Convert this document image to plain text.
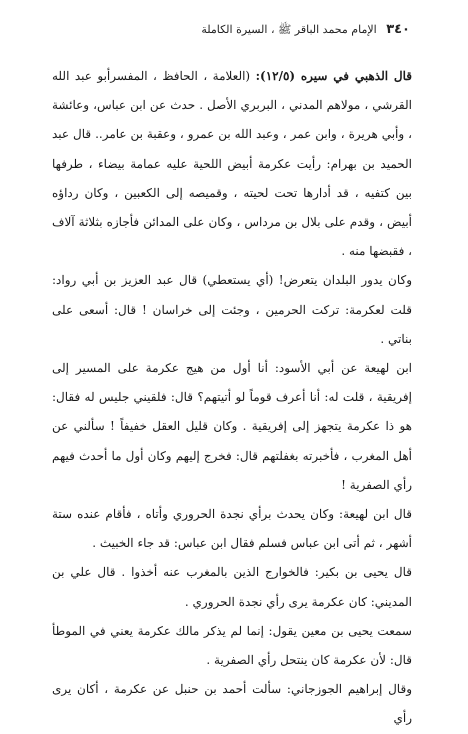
٣٤٠ الإمام محمد الباقر ﷺ ، السيرة الكاملة

قال الذهبي في سيره (١٢/٥): (العلامة ، الحافظ ، المفسرأبو عبد الله القرشي ، مولاهم المدني ، البربري الأصل . حدث عن ابن عباس، وعائشة ، وأبي هريرة ، وابن عمر ، وعبد الله بن عمرو ، وعقبة بن عامر.. قال عبد الحميد بن بهرام: رأيت عكرمة أبيض اللحية عليه عمامة بيضاء ، طرفها بين كتفيه ، قد أدارها تحت لحيته ، وقميصه إلى الكعبين ، وكان رداؤه أبيض ، وقدم على بلال بن مرداس ، وكان على المدائن فأجازه بثلاثة آلاف ، فقبضها منه .

وكان يدور البلدان يتعرض! (أي يستعطي) قال عبد العزيز بن أبي رواد: قلت لعكرمة: تركت الحرمين ، وجئت إلى خراسان ! قال: أسعى على بناتي .

ابن لهيعة عن أبي الأسود: أنا أول من هيج عكرمة على المسير إلى إفريقية ، قلت له: أنا أعرف قوماً لو أتيتهم؟ قال: فلقيني جليس له فقال: هو ذا عكرمة يتجهز إلى إفريقية . وكان قليل العقل خفيفاً ! سألني عن أهل المغرب ، فأخبرته بغفلتهم قال: فخرج إليهم وكان أول ما أحدث فيهم رأي الصفرية !

قال ابن لهيعة: وكان يحدث برأي نجدة الحروري وأتاه ، فأقام عنده ستة أشهر ، ثم أتى ابن عباس فسلم فقال ابن عباس: قد جاء الخبيث .

قال يحيى بن بكير: فالخوارج الذين بالمغرب عنه أخذوا . قال علي بن المديني: كان عكرمة يرى رأي نجدة الحروري .

سمعت يحيى بن معين يقول: إنما لم يذكر مالك عكرمة يعني في الموطأ قال: لأن عكرمة كان ينتحل رأي الصفرية .

وقال إبراهيم الجوزجاني: سألت أحمد بن حنبل عن عكرمة ، أكان يرى رأي
